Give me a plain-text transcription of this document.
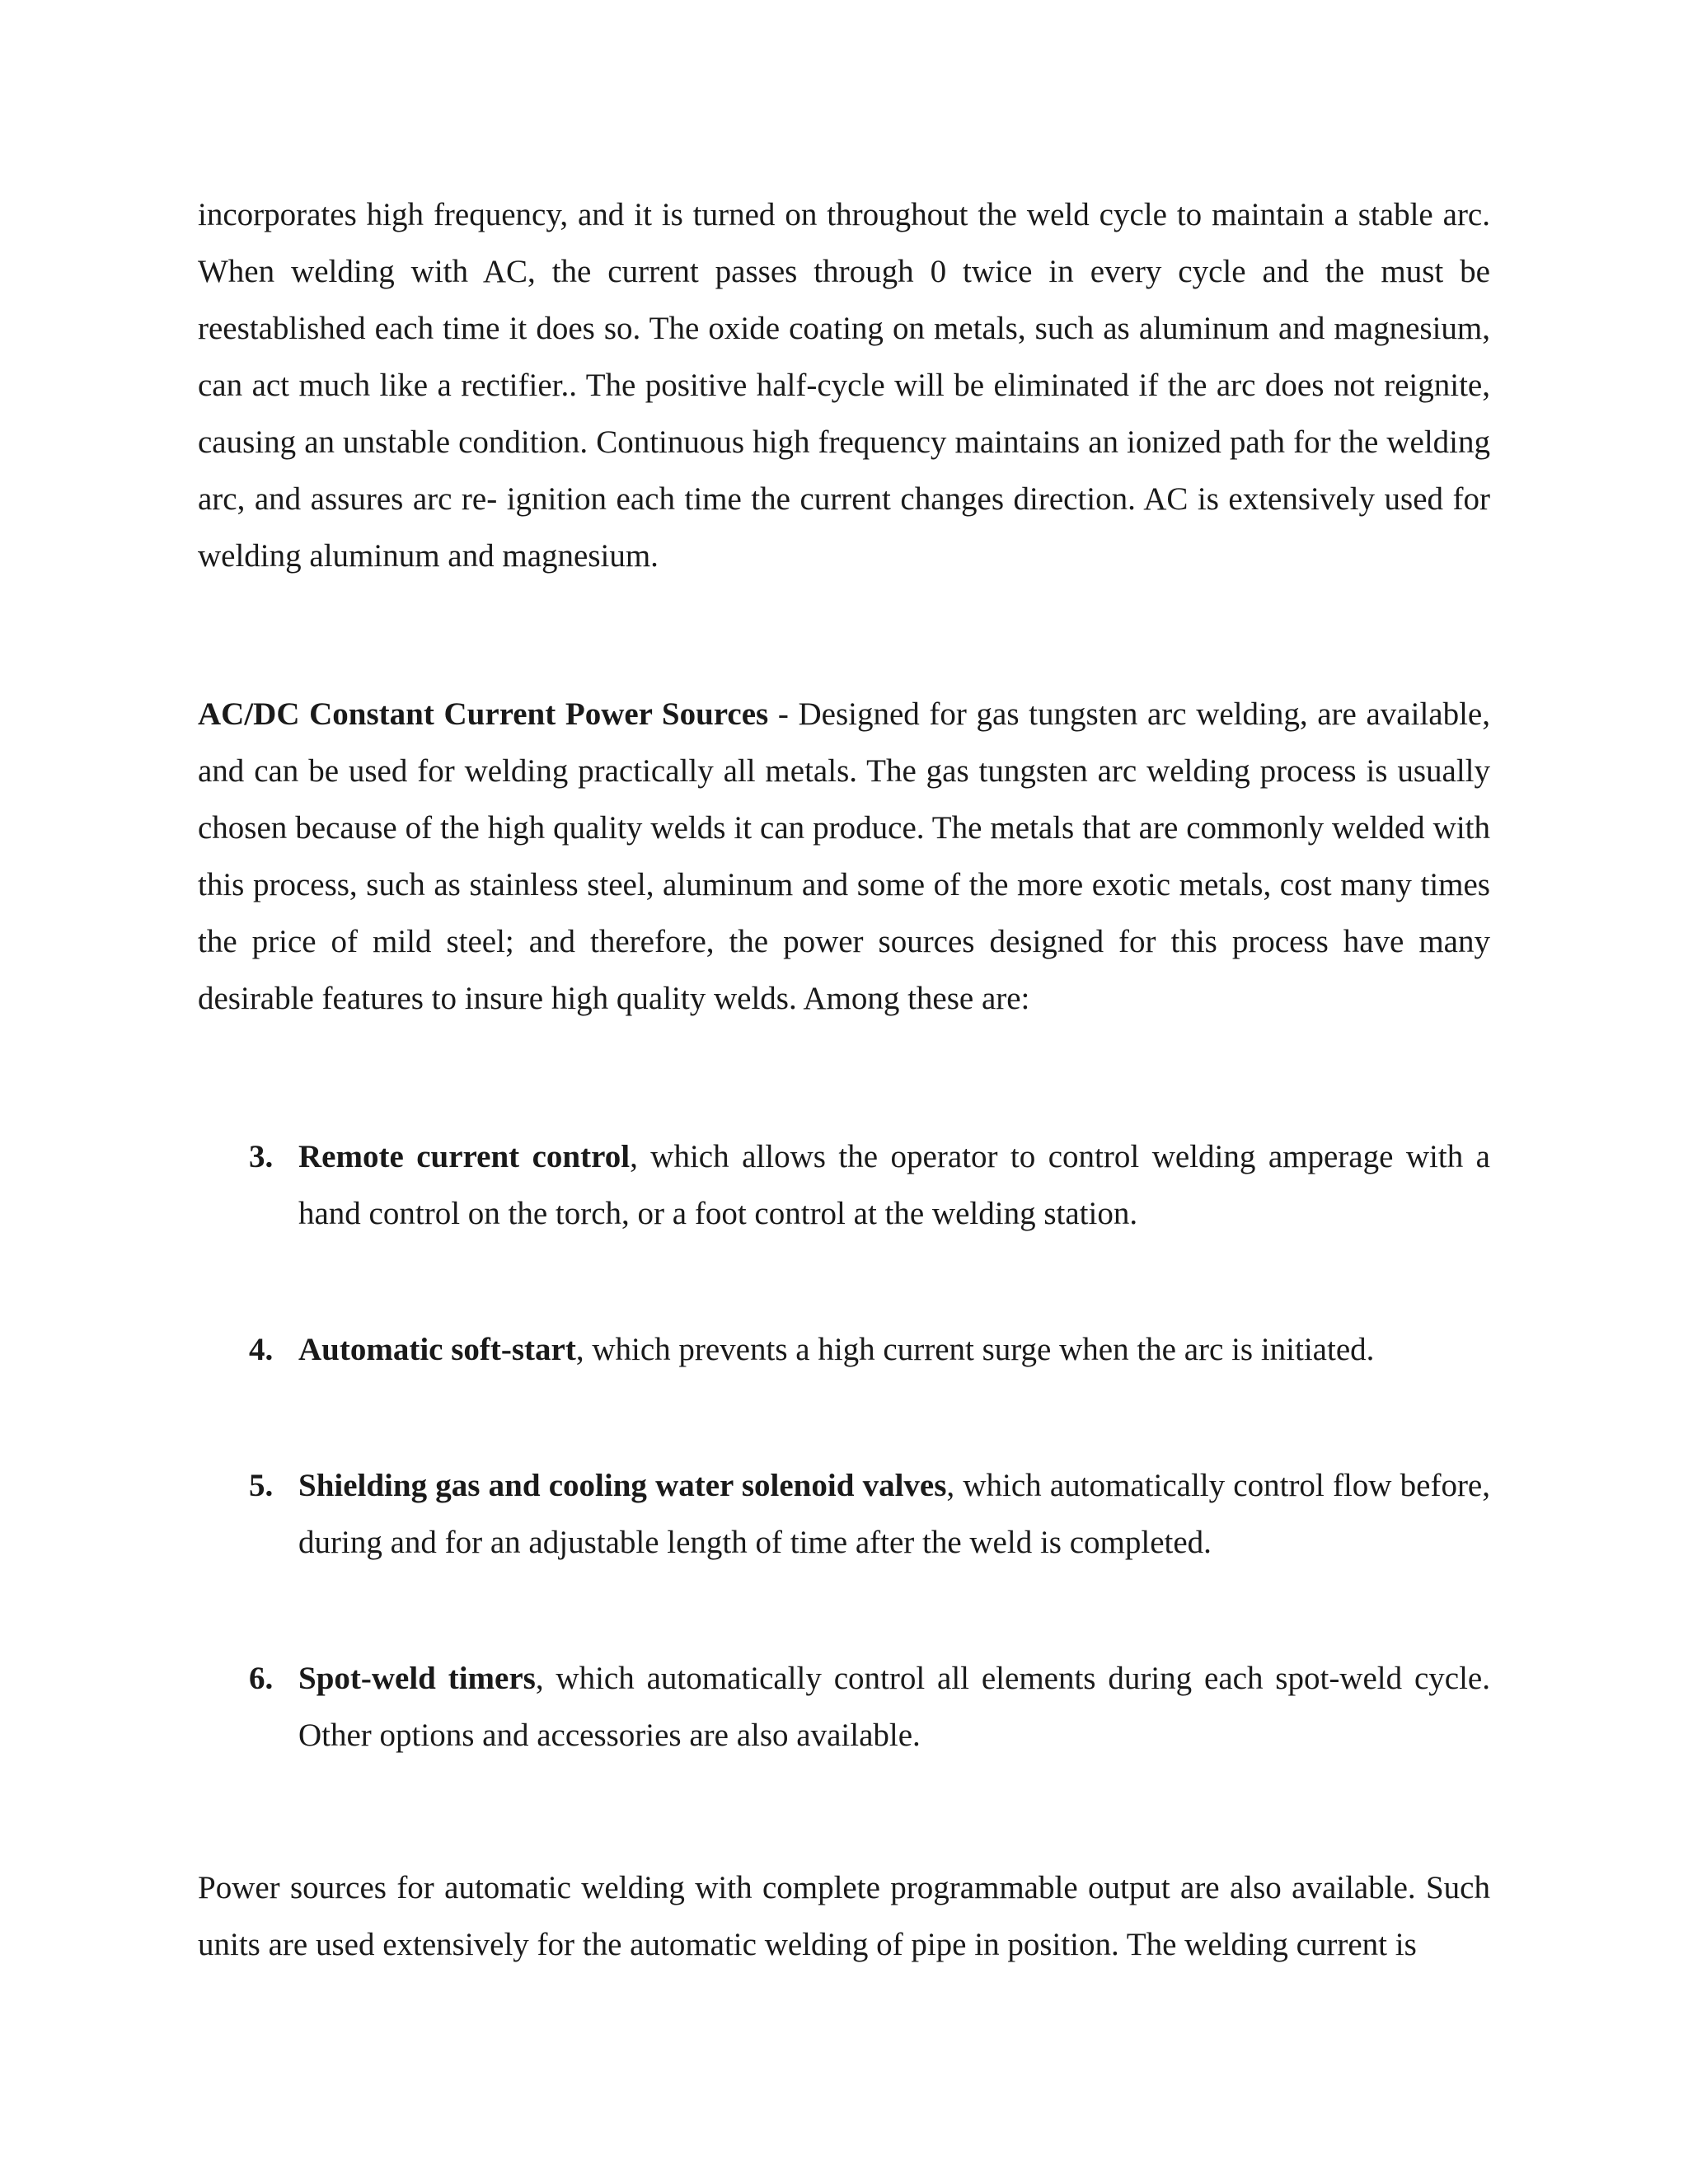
incorporates high frequency, and it is turned on throughout the weld cycle to maintain a stable arc. When welding with AC, the current passes through 0 twice in every cycle and the must be reestablished each time it does so. The oxide coating on metals, such as aluminum and magnesium, can act much like a rectifier.. The positive half-cycle will be eliminated if the arc does not reignite, causing an unstable condition. Continuous high frequency maintains an ionized path for the welding arc, and assures arc re- ignition each time the current changes direction. AC is extensively used for welding aluminum and magnesium.

AC/DC Constant Current Power Sources - Designed for gas tungsten arc welding, are available, and can be used for welding practically all metals. The gas tungsten arc welding process is usually chosen because of the high quality welds it can produce. The metals that are commonly welded with this process, such as stainless steel, aluminum and some of the more exotic metals, cost many times the price of mild steel; and therefore, the power sources designed for this process have many desirable features to insure high quality welds. Among these are:

3. Remote current control, which allows the operator to control welding amperage with a hand control on the torch, or a foot control at the welding station.

4. Automatic soft-start, which prevents a high current surge when the arc is initiated.

5. Shielding gas and cooling water solenoid valves, which automatically control flow before, during and for an adjustable length of time after the weld is completed.

6. Spot-weld timers, which automatically control all elements during each spot-weld cycle. Other options and accessories are also available.

Power sources for automatic welding with complete programmable output are also available. Such units are used extensively for the automatic welding of pipe in position. The welding current is
